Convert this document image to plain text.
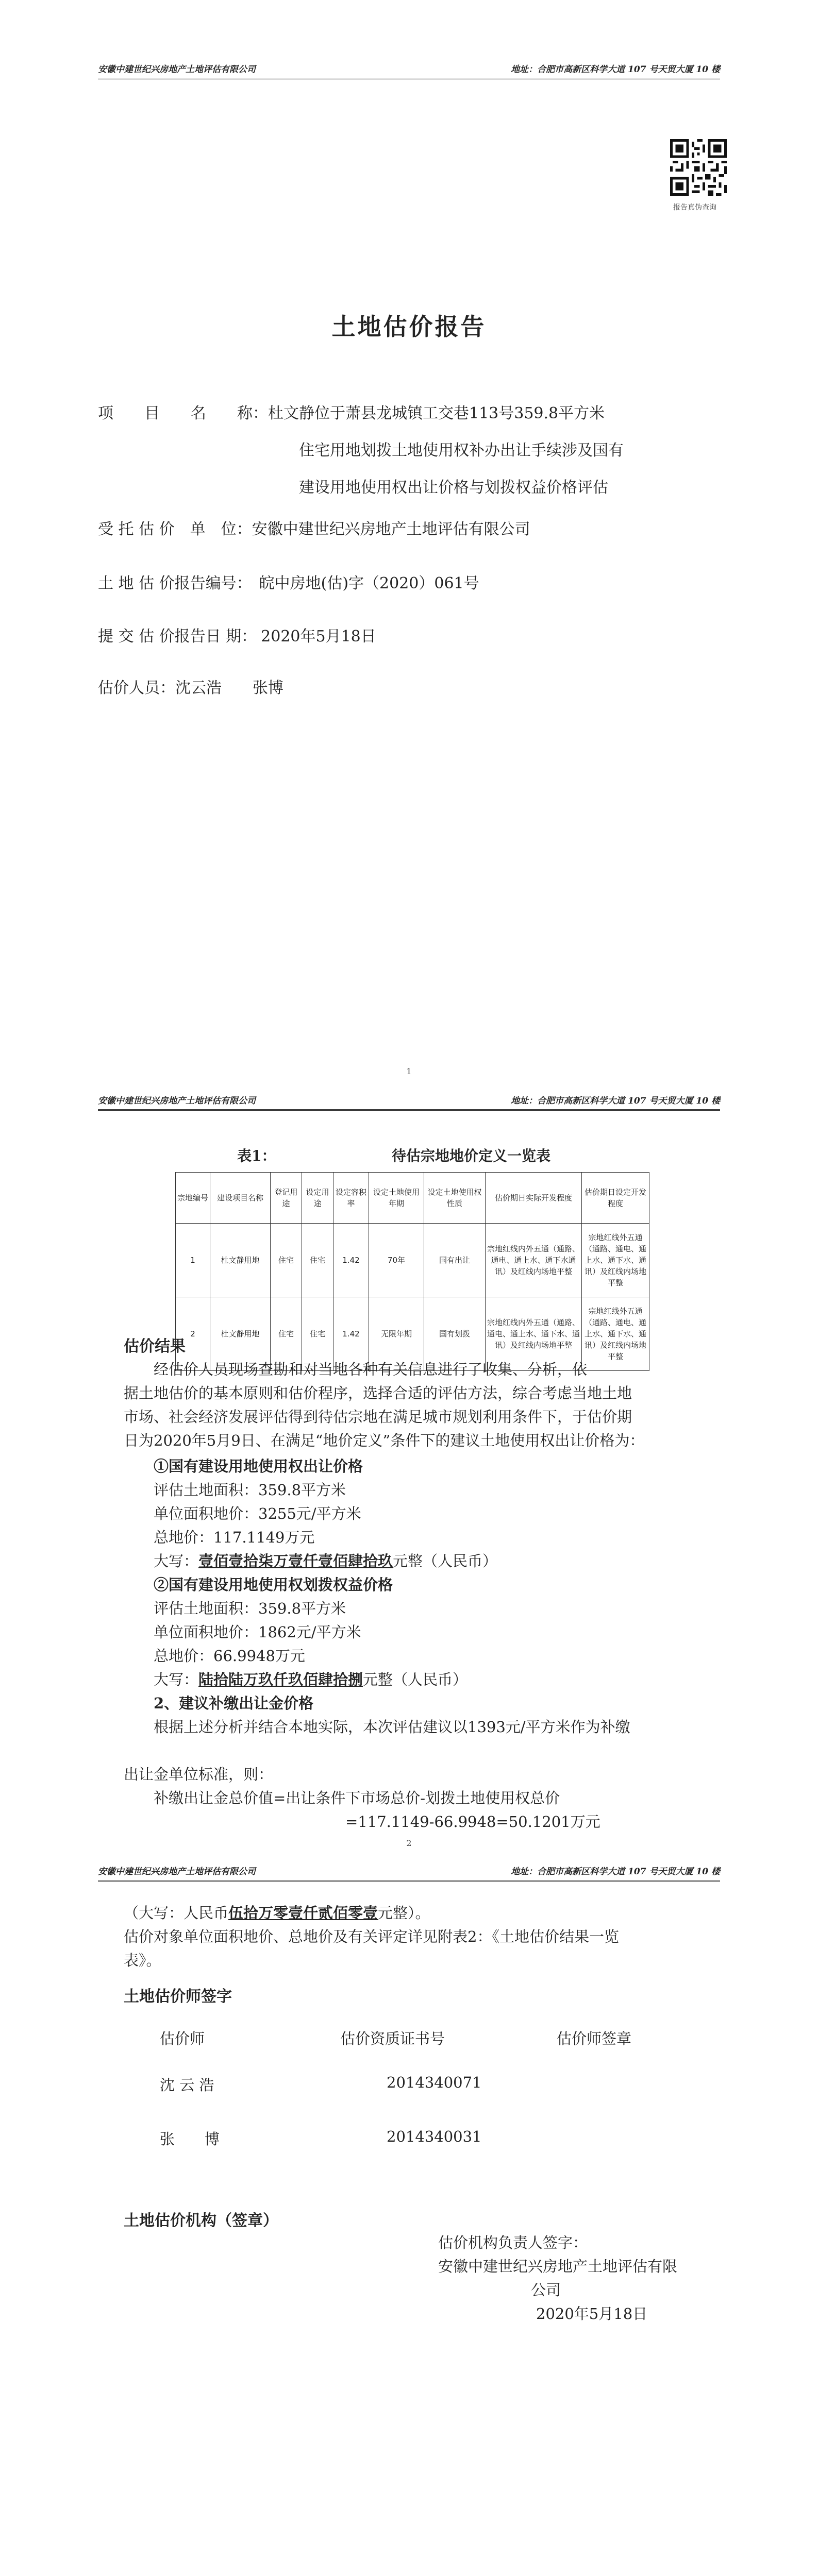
安徽中建世纪兴房地产土地评估有限公司	地址：合肥市高新区科学大道 107 号天贸大厦 10 楼
报告真伪查询
土地估价报告
项　　目　　名　　称：杜文静位于萧县龙城镇工交巷113号359.8平方米
住宅用地划拨土地使用权补办出让手续涉及国有
建设用地使用权出让价格与划拨权益价格评估
受 托 估 价　单　位：安徽中建世纪兴房地产土地评估有限公司
土 地 估 价报告编号： 皖中房地(估)字（2020）061号
提 交 估 价报告日 期： 2020年5月18日
估价人员：沈云浩　　张博
1
安徽中建世纪兴房地产土地评估有限公司	地址：合肥市高新区科学大道 107 号天贸大厦 10 楼
表1：	待估宗地地价定义一览表
宗地编号	建设项目名称	登记用途	设定用途	设定容积率	设定土地使用年期	设定土地使用权性质	估价期日实际开发程度	估价期日设定开发程度
1	杜文静用地	住宅	住宅	1.42	70年	国有出让	宗地红线内外五通（通路、通电、通上水、通下水通讯）及红线内场地平整	宗地红线外五通（通路、通电、通上水、通下水、通讯）及红线内场地平整
2	杜文静用地	住宅	住宅	1.42	无限年期	国有划拨	宗地红线内外五通（通路、通电、通上水、通下水、通讯）及红线内场地平整	宗地红线外五通（通路、通电、通上水、通下水、通讯）及红线内场地平整
估价结果

经估价人员现场查勘和对当地各种有关信息进行了收集、分析，依

据土地估价的基本原则和估价程序，选择合适的评估方法，综合考虑当地土地

市场、社会经济发展评估得到待估宗地在满足城市规划利用条件下，于估价期

日为2020年5月9日、在满足“地价定义”条件下的建议土地使用权出让价格为：

①国有建设用地使用权出让价格

评估土地面积：359.8平方米

单位面积地价：3255元/平方米

总地价：117.1149万元

大写：壹佰壹拾柒万壹仟壹佰肆拾玖元整（人民币）

②国有建设用地使用权划拨权益价格

评估土地面积：359.8平方米

单位面积地价：1862元/平方米

总地价：66.9948万元

大写：陆拾陆万玖仟玖佰肆拾捌元整（人民币）

2、建议补缴出让金价格

根据上述分析并结合本地实际，本次评估建议以1393元/平方米作为补缴

出让金单位标准，则：

补缴出让金总价值=出让条件下市场总价-划拨土地使用权总价

=117.1149-66.9948=50.1201万元

2
安徽中建世纪兴房地产土地评估有限公司	地址：合肥市高新区科学大道 107 号天贸大厦 10 楼

（大写：人民币伍拾万零壹仟贰佰零壹元整）。

估价对象单位面积地价、总地价及有关评定详见附表2：《土地估价结果一览

表》。

土地估价师签字
估价师	估价资质证书号	估价师签章
沈 云 浩	2014340071
张　　博	2014340031
土地估价机构（签章）

估价机构负责人签字：

安徽中建世纪兴房地产土地评估有限

公司

2020年5月18日
